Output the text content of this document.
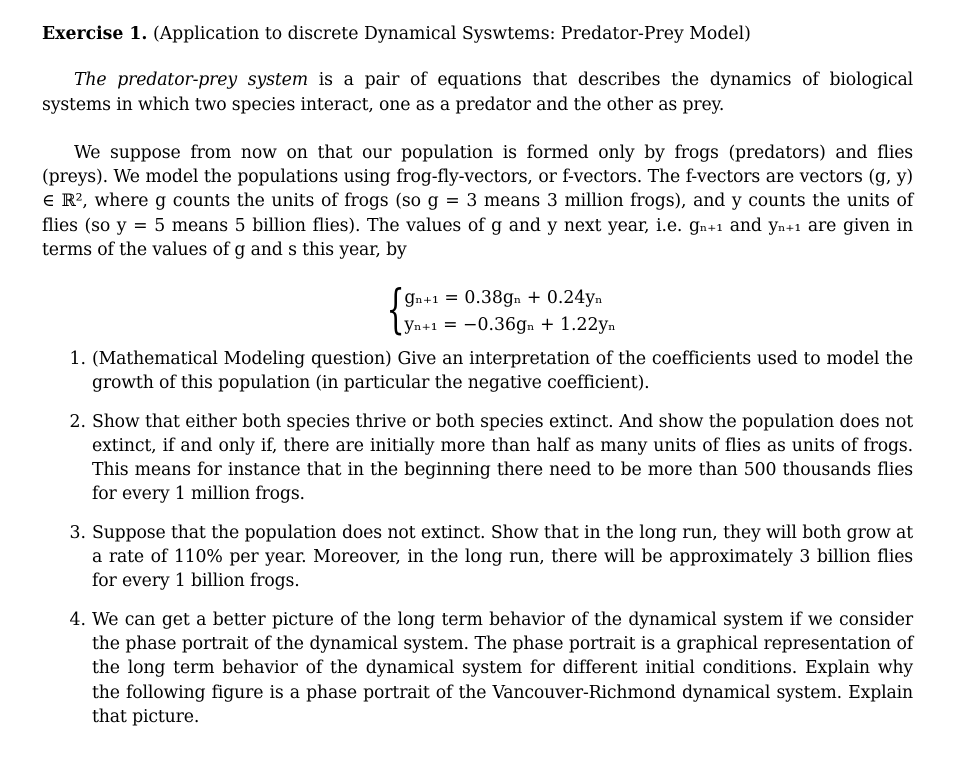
Exercise 1. (Application to discrete Dynamical Syswtems: Predator-Prey Model)

The predator-prey system is a pair of equations that describes the dynamics of biological systems in which two species interact, one as a predator and the other as prey.

We suppose from now on that our population is formed only by frogs (predators) and flies (preys). We model the populations using frog-fly-vectors, or f-vectors. The f-vectors are vectors (g, y) ∈ ℝ², where g counts the units of frogs (so g = 3 means 3 million frogs), and y counts the units of flies (so y = 5 means 5 billion flies). The values of g and y next year, i.e. gₙ₊₁ and yₙ₊₁ are given in terms of the values of g and s this year, by

{ gₙ₊₁ = 0.38gₙ + 0.24yₙ
yₙ₊₁ = −0.36gₙ + 1.22yₙ
1. (Mathematical Modeling question) Give an interpretation of the coefficients used to model the growth of this population (in particular the negative coefficient).
2. Show that either both species thrive or both species extinct. And show the population does not extinct, if and only if, there are initially more than half as many units of flies as units of frogs. This means for instance that in the beginning there need to be more than 500 thousands flies for every 1 million frogs.
3. Suppose that the population does not extinct. Show that in the long run, they will both grow at a rate of 110% per year. Moreover, in the long run, there will be approximately 3 billion flies for every 1 billion frogs.
4. We can get a better picture of the long term behavior of the dynamical system if we consider the phase portrait of the dynamical system. The phase portrait is a graphical representation of the long term behavior of the dynamical system for different initial conditions. Explain why the following figure is a phase portrait of the Vancouver-Richmond dynamical system. Explain that picture.
